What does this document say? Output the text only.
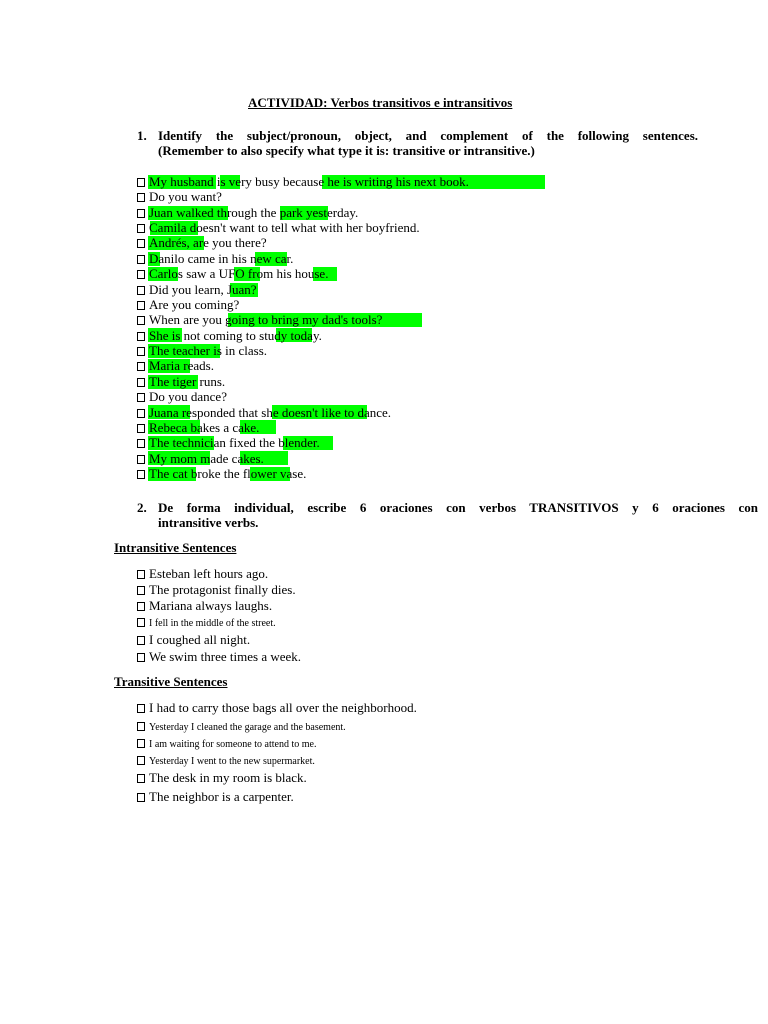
ACTIVIDAD: Verbos transitivos e intransitivos
1. Identify the subject/pronoun, object, and complement of the following sentences.
(Remember to also specify what type it is: transitive or intransitive.)
My husband is very busy because he is writing his next book.
Do you want?
Juan walked through the park yesterday.
Camila doesn't want to tell what with her boyfriend.
Andrés, are you there?
Danilo came in his new car.
Carlos saw a UFO from his house.
Did you learn, Juan?
Are you coming?
When are you going to bring my dad's tools?
She is not coming to study today.
The teacher is in class.
Maria reads.
The tiger runs.
Do you dance?
Juana responded that she doesn't like to dance.
Rebeca bakes a cake.
The technician fixed the blender.
My mom made cakes.
The cat broke the flower vase.
2. De forma individual, escribe 6 oraciones con verbos TRANSITIVOS y 6 oraciones con
intransitive verbs.
Intransitive Sentences
Esteban left hours ago.
The protagonist finally dies.
Mariana always laughs.
I fell in the middle of the street.
I coughed all night.
We swim three times a week.
Transitive Sentences
I had to carry those bags all over the neighborhood.
Yesterday I cleaned the garage and the basement.
I am waiting for someone to attend to me.
Yesterday I went to the new supermarket.
The desk in my room is black.
The neighbor is a carpenter.
